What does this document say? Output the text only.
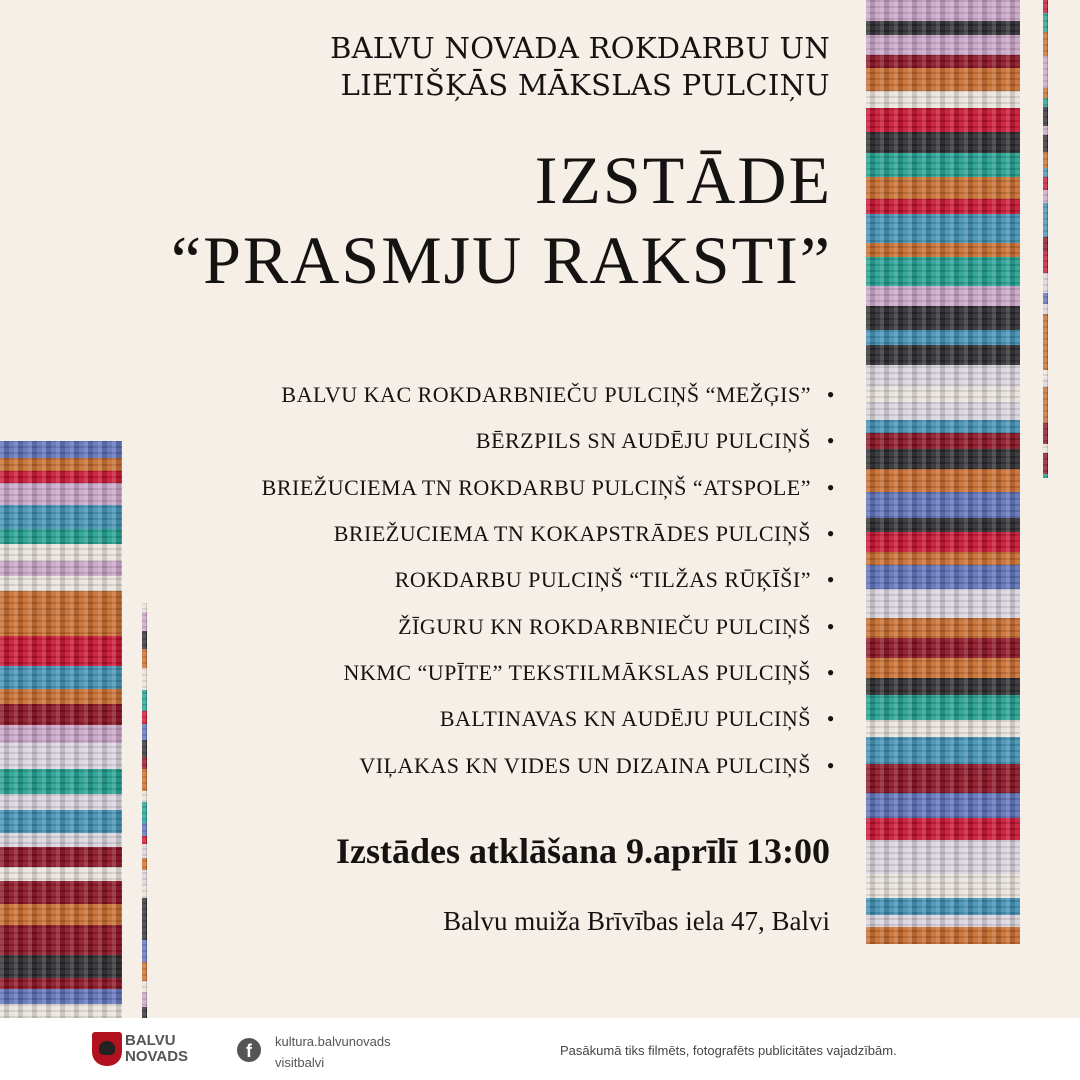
BALVU NOVADA ROKDARBU UN
LIETIŠĶĀS MĀKSLAS PULCIŅU
IZSTĀDE
“PRASMJU RAKSTI”
BALVU KAC ROKDARBNIEČU PULCIŅŠ “MEŽĢIS” •
BĒRZPILS SN AUDĒJU PULCIŅŠ •
BRIEŽUCIEMA TN ROKDARBU PULCIŅŠ “ATSPOLE” •
BRIEŽUCIEMA TN KOKAPSTRĀDES PULCIŅŠ •
ROKDARBU PULCIŅŠ “TILŽAS RŪĶĪŠI” •
ŽĪGURU KN ROKDARBNIEČU PULCIŅŠ •
NKMC “UPĪTE” TEKSTILMĀKSLAS PULCIŅŠ •
BALTINAVAS KN AUDĒJU PULCIŅŠ •
VIĻAKAS KN VIDES UN DIZAINA PULCIŅŠ •
Izstādes atklāšana 9.aprīlī 13:00
Balvu muiža Brīvības iela 47, Balvi
BALVU
NOVADS	f	kultura.balvunovads
visitbalvi
Pasākumā tiks filmēts, fotografēts publicitātes vajadzībām.
